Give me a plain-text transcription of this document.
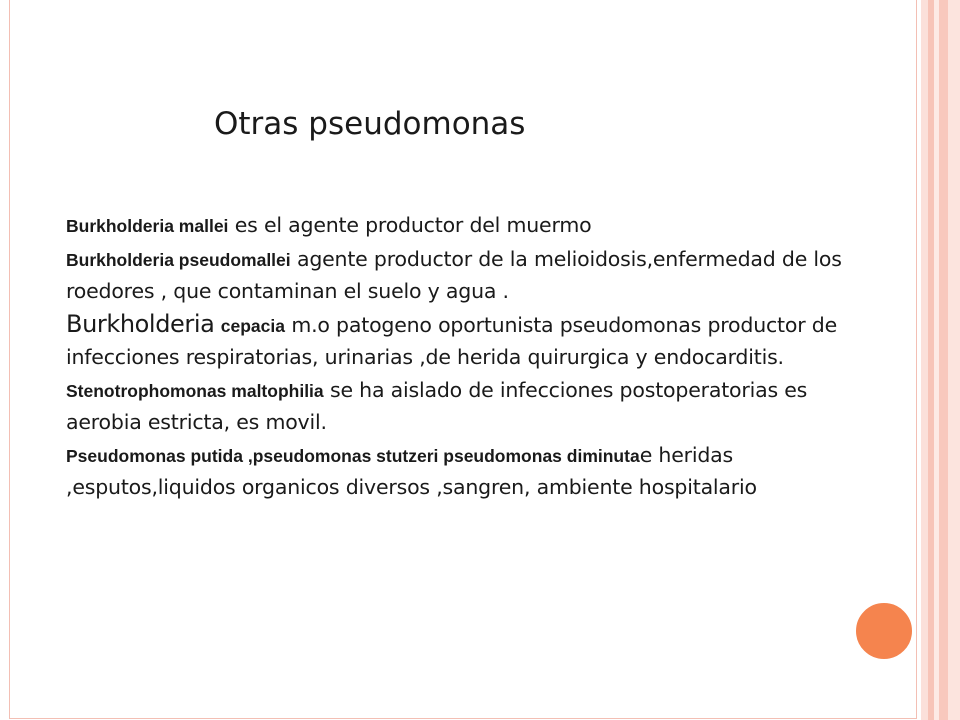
Otras pseudomonas

Burkholderia mallei es el agente productor del muermo

Burkholderia pseudomallei agente productor de la melioidosis,enfermedad de los roedores , que contaminan el suelo y agua .

Burkholderia cepacia m.o patogeno oportunista pseudomonas productor de infecciones respiratorias, urinarias ,de herida quirurgica y endocarditis.

Stenotrophomonas maltophilia se ha aislado de infecciones postoperatorias es aerobia estricta, es movil.

Pseudomonas putida ,pseudomonas stutzeri pseudomonas diminutae heridas ,esputos,liquidos organicos diversos ,sangren, ambiente hospitalario
